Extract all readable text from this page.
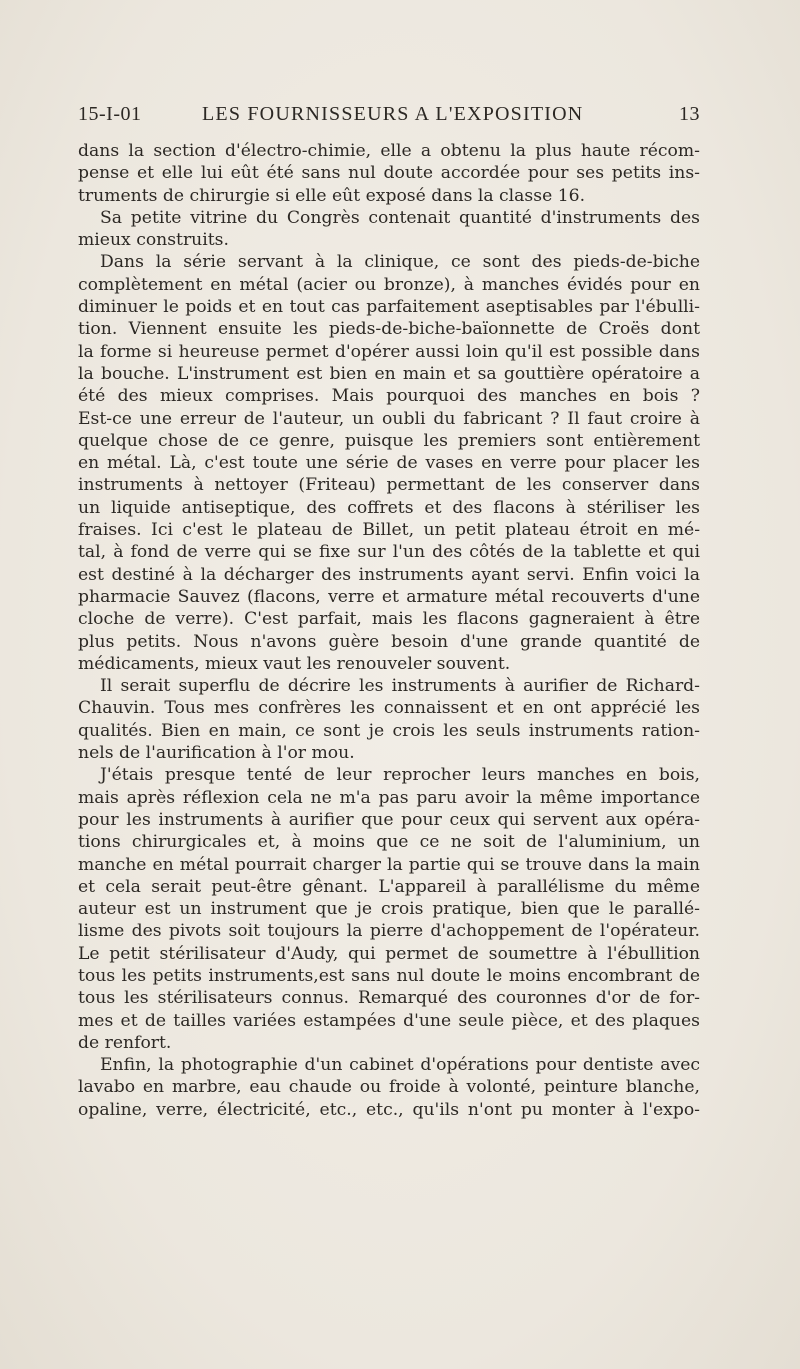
15-I-01	LES FOURNISSEURS A L'EXPOSITION	13
dans la section d'électro-chimie, elle a obtenu la plus haute récom-
pense et elle lui eût été sans nul doute accordée pour ses petits ins-
truments de chirurgie si elle eût exposé dans la classe 16.
Sa petite vitrine du Congrès contenait quantité d'instruments des
mieux construits.
Dans la série servant à la clinique, ce sont des pieds-de-biche
complètement en métal (acier ou bronze), à manches évidés pour en
diminuer le poids et en tout cas parfaitement aseptisables par l'ébulli-
tion. Viennent ensuite les pieds-de-biche-baïonnette de Croës dont
la forme si heureuse permet d'opérer aussi loin qu'il est possible dans
la bouche. L'instrument est bien en main et sa gouttière opératoire a
été des mieux comprises. Mais pourquoi des manches en bois ?
Est-ce une erreur de l'auteur, un oubli du fabricant ? Il faut croire à
quelque chose de ce genre, puisque les premiers sont entièrement
en métal. Là, c'est toute une série de vases en verre pour placer les
instruments à nettoyer (Friteau) permettant de les conserver dans
un liquide antiseptique, des coffrets et des flacons à stériliser les
fraises. Ici c'est le plateau de Billet, un petit plateau étroit en mé-
tal, à fond de verre qui se fixe sur l'un des côtés de la tablette et qui
est destiné à la décharger des instruments ayant servi. Enfin voici la
pharmacie Sauvez (flacons, verre et armature métal recouverts d'une
cloche de verre). C'est parfait, mais les flacons gagneraient à être
plus petits. Nous n'avons guère besoin d'une grande quantité de
médicaments, mieux vaut les renouveler souvent.
Il serait superflu de décrire les instruments à aurifier de Richard-
Chauvin. Tous mes confrères les connaissent et en ont apprécié les
qualités. Bien en main, ce sont je crois les seuls instruments ration-
nels de l'aurification à l'or mou.
J'étais presque tenté de leur reprocher leurs manches en bois,
mais après réflexion cela ne m'a pas paru avoir la même importance
pour les instruments à aurifier que pour ceux qui servent aux opéra-
tions chirurgicales et, à moins que ce ne soit de l'aluminium, un
manche en métal pourrait charger la partie qui se trouve dans la main
et cela serait peut-être gênant. L'appareil à parallélisme du même
auteur est un instrument que je crois pratique, bien que le parallé-
lisme des pivots soit toujours la pierre d'achoppement de l'opérateur.
Le petit stérilisateur d'Audy, qui permet de soumettre à l'ébullition
tous les petits instruments,est sans nul doute le moins encombrant de
tous les stérilisateurs connus. Remarqué des couronnes d'or de for-
mes et de tailles variées estampées d'une seule pièce, et des plaques
de renfort.
Enfin, la photographie d'un cabinet d'opérations pour dentiste avec
lavabo en marbre, eau chaude ou froide à volonté, peinture blanche,
opaline, verre, électricité, etc., etc., qu'ils n'ont pu monter à l'expo-
